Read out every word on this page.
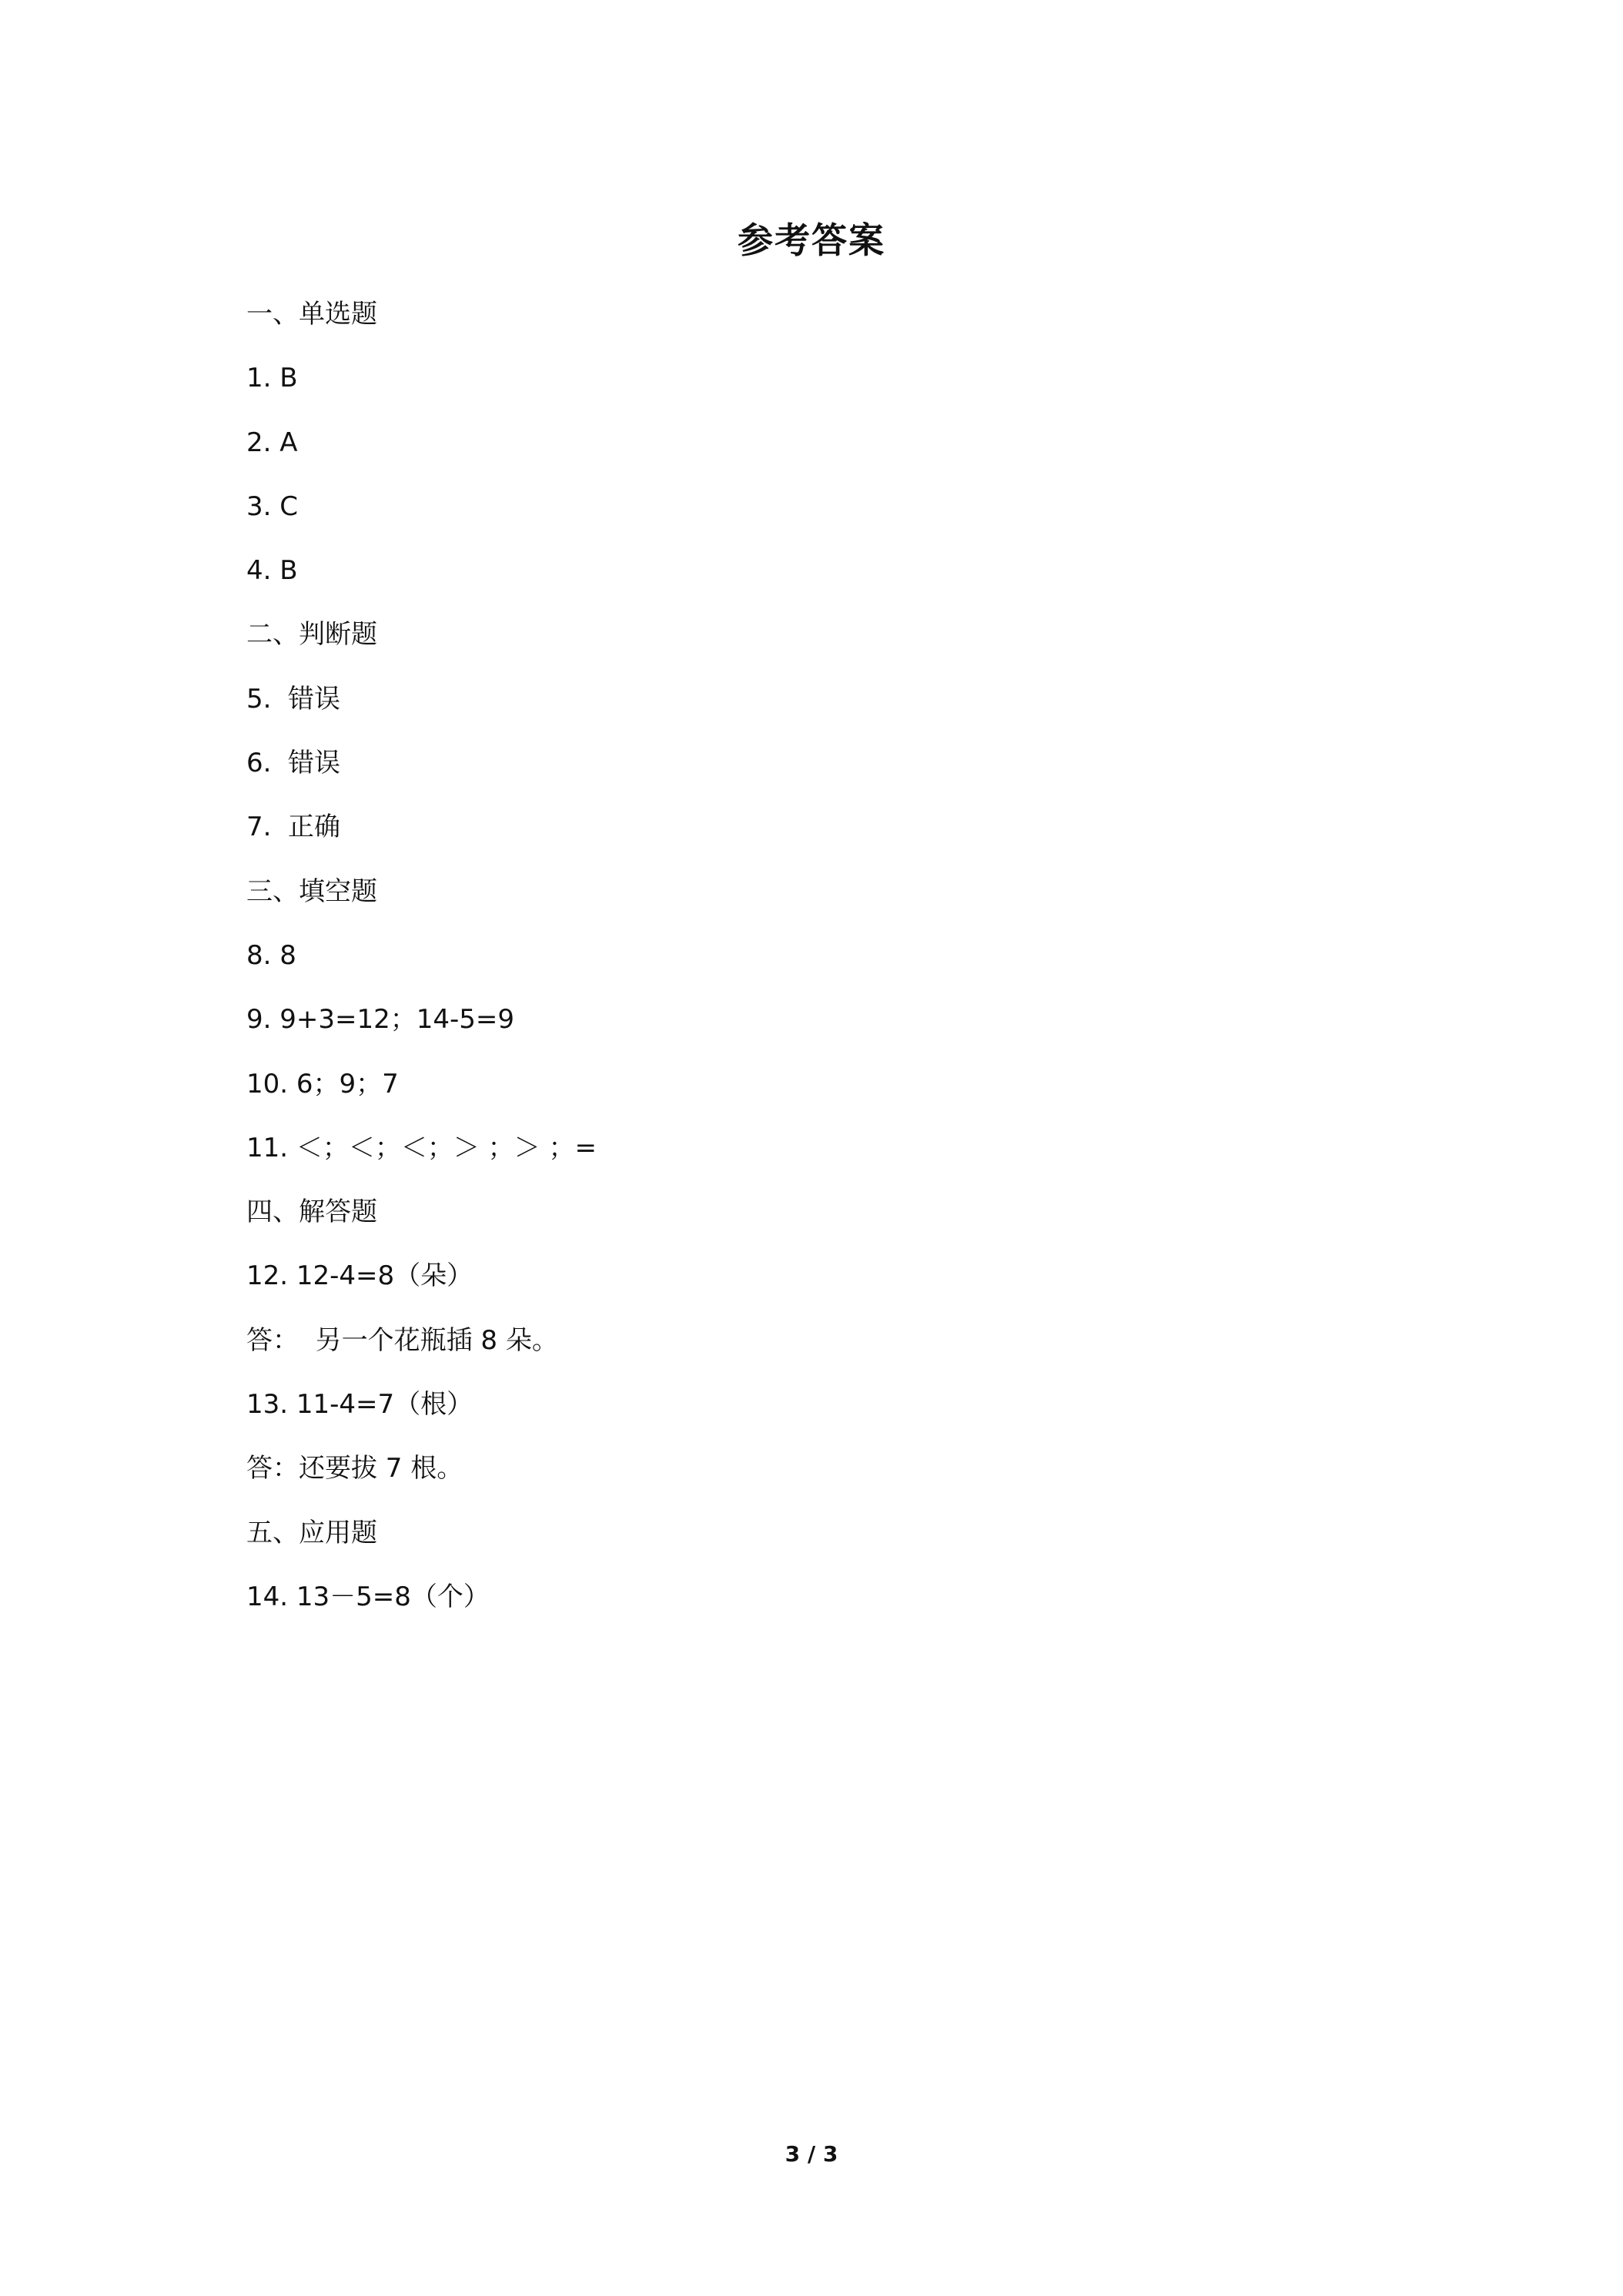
参考答案
一、单选题
1. B
2. A
3. C
4. B
二、判断题
5.  错误
6.  错误
7.  正确
三、填空题
8. 8
9. 9+3=12；14-5=9
10. 6；9；7
11. ＜；＜；＜；＞ ；＞ ；=
四、解答题
12. 12-4=8（朵）
答：  另一个花瓶插 8 朵。
13. 11-4=7（根）
答：还要拔 7 根。
五、应用题
14. 13－5=8（个）
3 / 3
